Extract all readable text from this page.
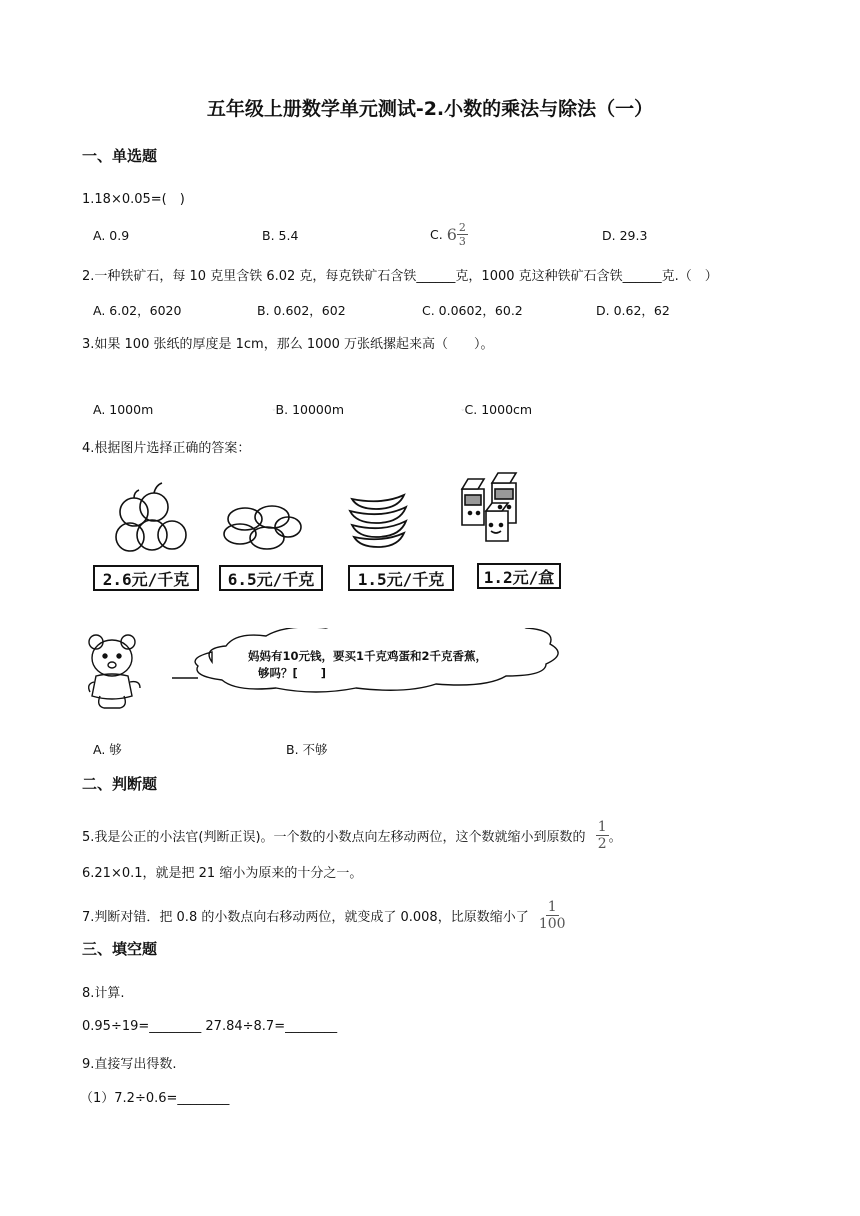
五年级上册数学单元测试-2.小数的乘法与除法（一）
一、单选题
1.18×0.05=(　)
A. 0.9	B. 5.4	C. $6 \frac{2}{3}$	D. 29.3
2.一种铁矿石，每 10 克里含铁 6.02 克，每克铁矿石含铁______克，1000 克这种铁矿石含铁______克.（　）
A. 6.02，6020	B. 0.602，602	C. 0.0602，60.2	D. 0.62，62
3.如果 100 张纸的厚度是 1cm，那么 1000 万张纸摞起来高（　　）。
A. 1000m	◦B. 10000m	◦C. 1000cm
4.根据图片选择正确的答案：
2.6元/千克	6.5元/千克	1.5元/千克	1.2元/盒
妈妈有10元钱，要买1千克鸡蛋和2千克香蕉，
够吗？[　　]
A. 够	B. 不够
二、判断题
5.我是公正的小法官(判断正误)。一个数的小数点向左移动两位，这个数就缩小到原数的 $\frac{1}{2}$ 。
6.21×0.1，就是把 21 缩小为原来的十分之一。
7.判断对错．把 0.8 的小数点向右移动两位，就变成了 0.008，比原数缩小了 $\frac{1}{100}$
三、填空题
8.计算.
0.95÷19=________ 27.84÷8.7=________
9.直接写出得数.
（1）7.2÷0.6=________
